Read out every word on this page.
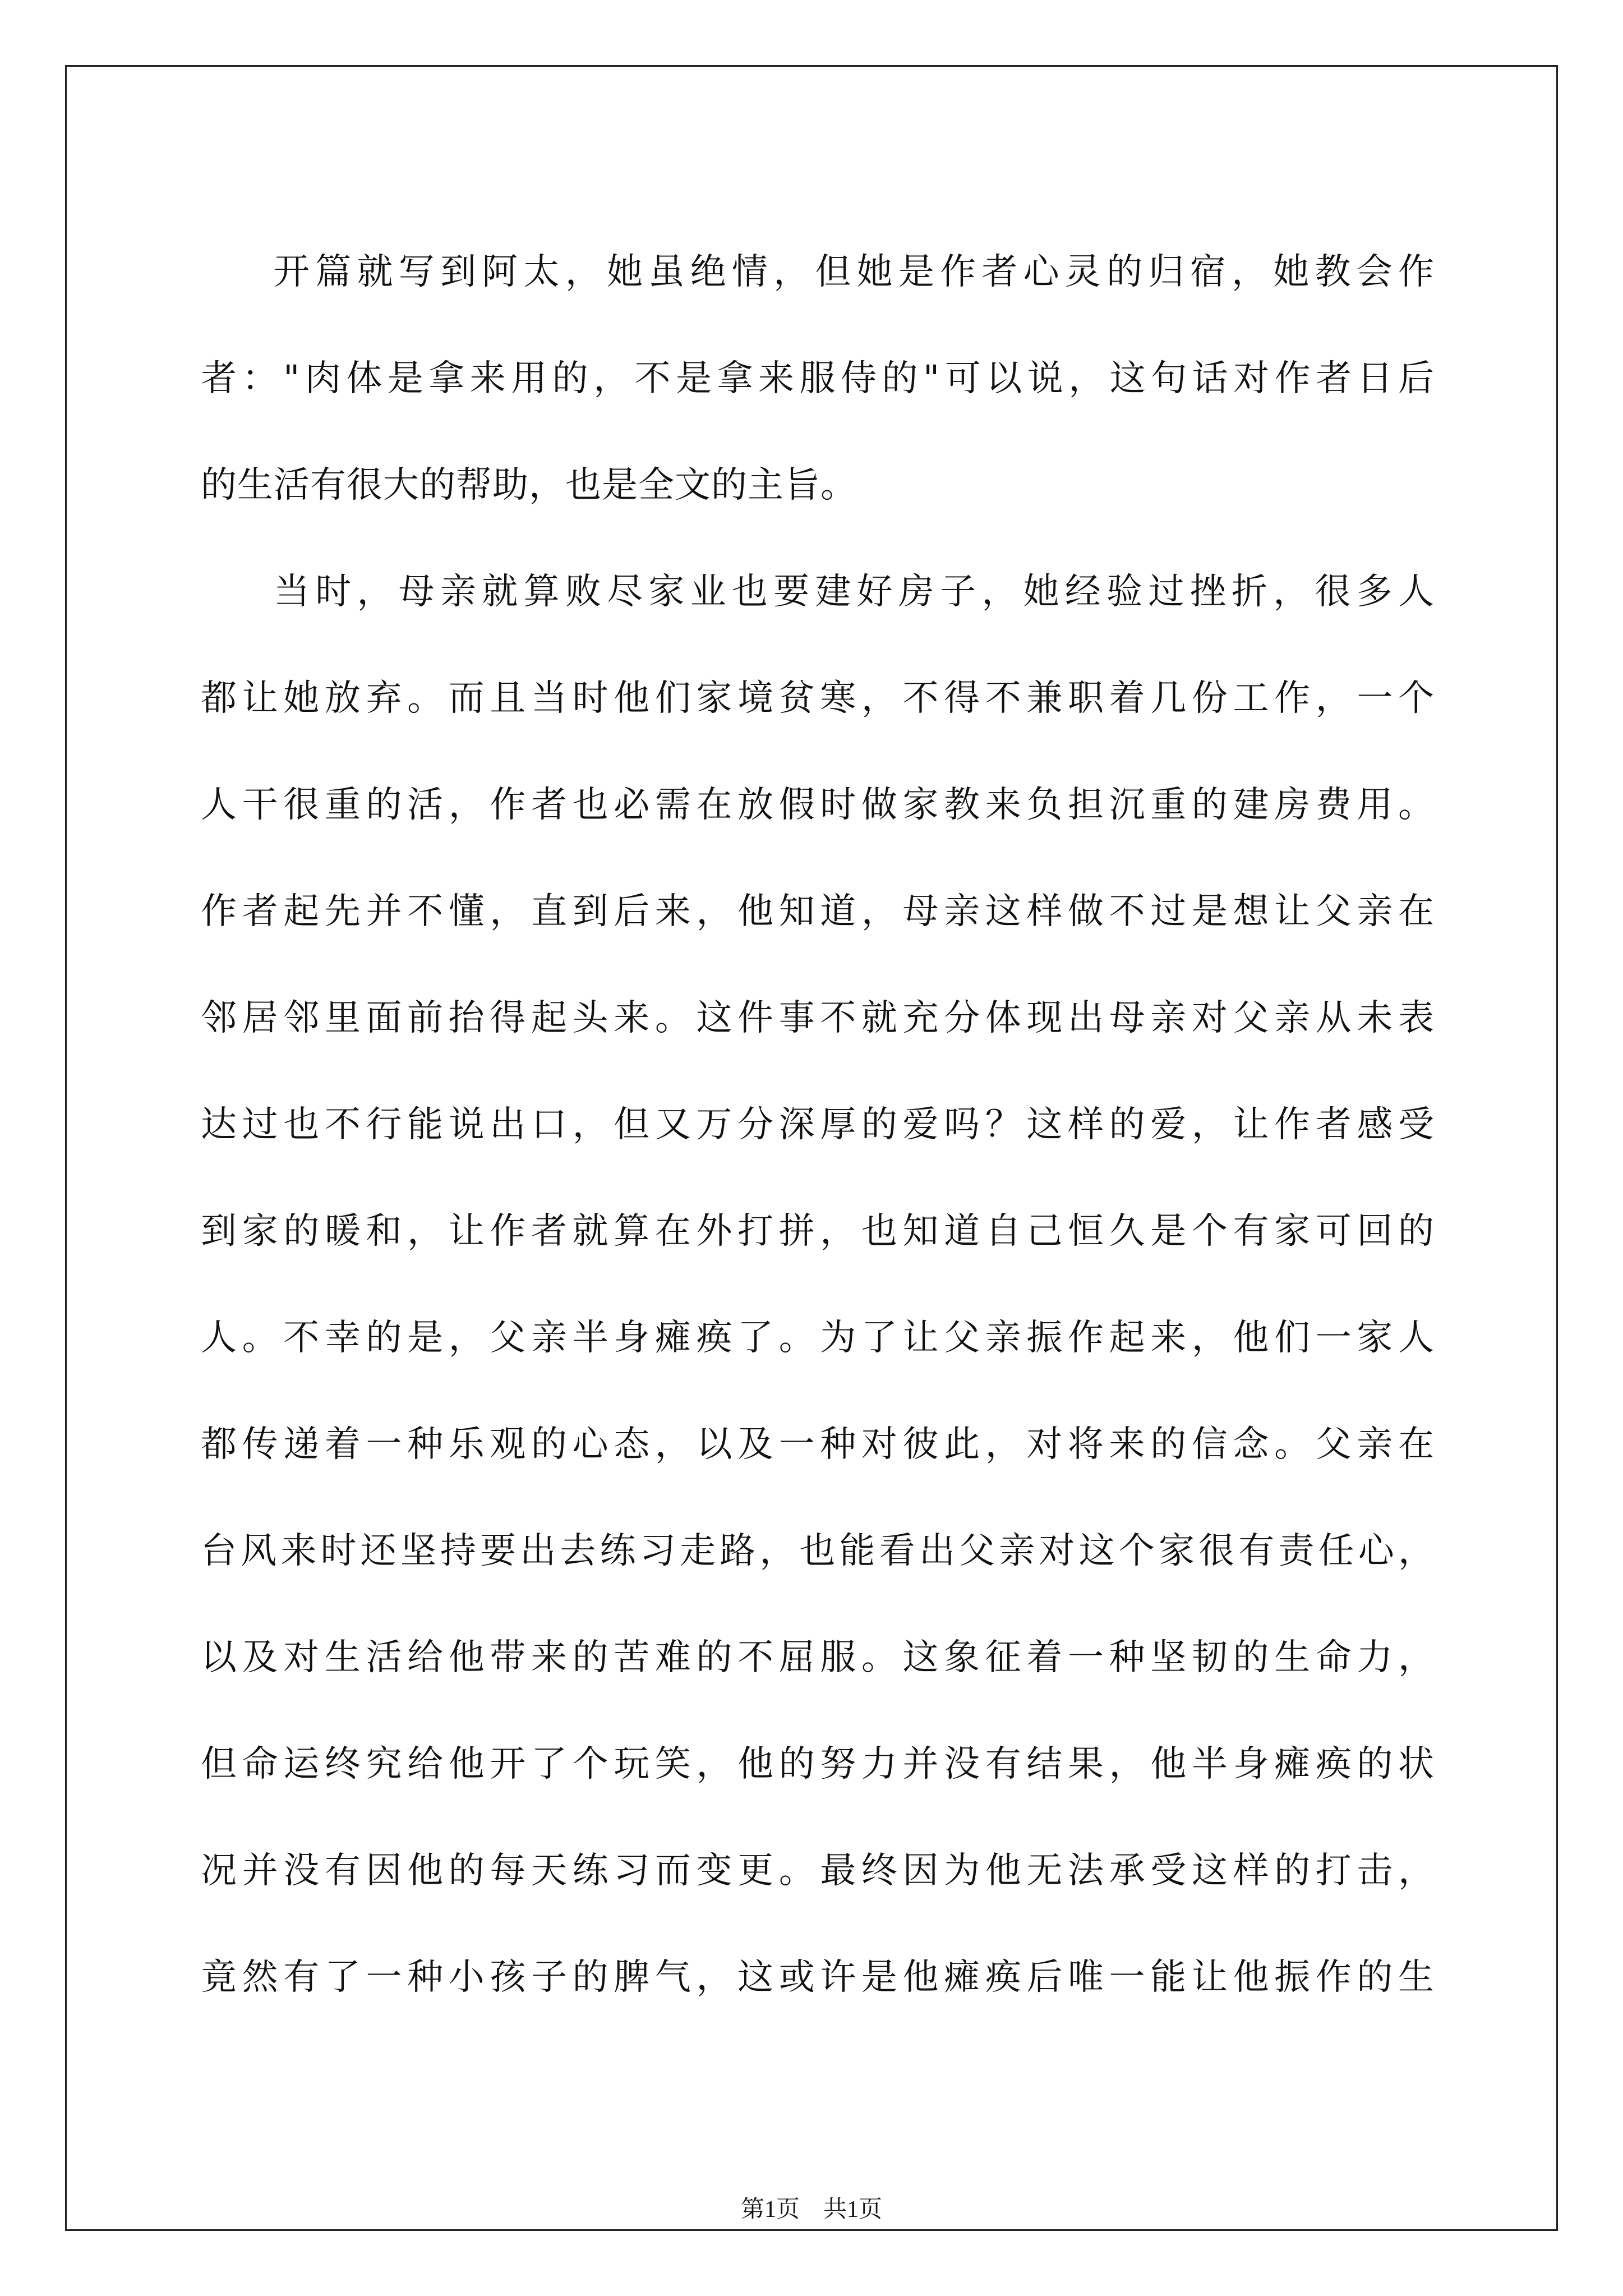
开篇就写到阿太，她虽绝情，但她是作者心灵的归宿，她教会作
者："肉体是拿来用的，不是拿来服侍的"可以说，这句话对作者日后
的生活有很大的帮助，也是全文的主旨。
当时，母亲就算败尽家业也要建好房子，她经验过挫折，很多人
都让她放弃。而且当时他们家境贫寒，不得不兼职着几份工作，一个
人干很重的活，作者也必需在放假时做家教来负担沉重的建房费用。
作者起先并不懂，直到后来，他知道，母亲这样做不过是想让父亲在
邻居邻里面前抬得起头来。这件事不就充分体现出母亲对父亲从未表
达过也不行能说出口，但又万分深厚的爱吗？这样的爱，让作者感受
到家的暖和，让作者就算在外打拼，也知道自己恒久是个有家可回的
人。不幸的是，父亲半身瘫痪了。为了让父亲振作起来，他们一家人
都传递着一种乐观的心态，以及一种对彼此，对将来的信念。父亲在
台风来时还坚持要出去练习走路，也能看出父亲对这个家很有责任心，
以及对生活给他带来的苦难的不屈服。这象征着一种坚韧的生命力，
但命运终究给他开了个玩笑，他的努力并没有结果，他半身瘫痪的状
况并没有因他的每天练习而变更。最终因为他无法承受这样的打击，
竟然有了一种小孩子的脾气，这或许是他瘫痪后唯一能让他振作的生
第1页　共1页
